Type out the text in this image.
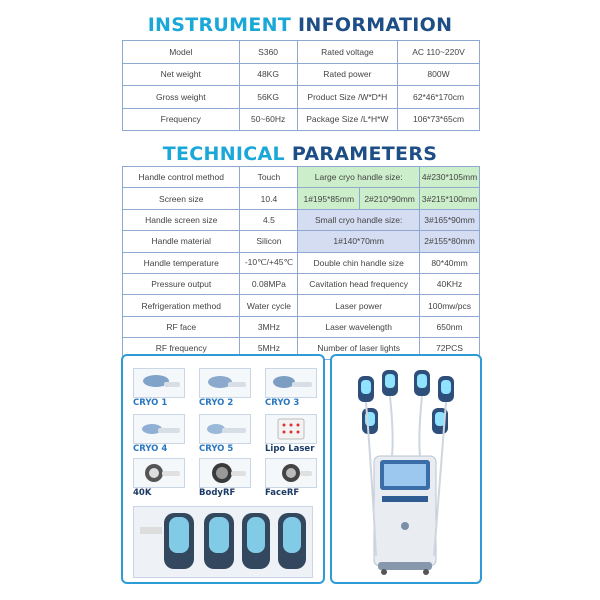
INSTRUMENT INFORMATION
Model	S360	Rated voltage	AC 110~220V
Net weight	48KG	Rated power	800W
Gross weight	56KG	Product Size /W*D*H	62*46*170cm
Frequency	50~60Hz	Package Size /L*H*W	106*73*65cm
TECHNICAL PARAMETERS
Handle control method	Touch	Large cryo handle size:		4#230*105mm
Screen size	10.4	1#195*85mm	2#210*90mm	3#215*100mm
Handle screen size	4.5	Small cryo handle size:		3#165*90mm
Handle material	Silicon	1#140*70mm		2#155*80mm
Handle temperature	-10℃/+45℃	Double chin handle size		80*40mm
Pressure output	0.08MPa	Cavitation head frequency		40KHz
Refrigeration method	Water cycle	Laser power		100mw/pcs
RF face	3MHz	Laser wavelength		650nm
RF frequency	5MHz	Number of laser lights		72PCS
CRYO 1	CRYO 2	CRYO 3
CRYO 4	CRYO 5	Lipo Laser
40K	BodyRF	FaceRF
